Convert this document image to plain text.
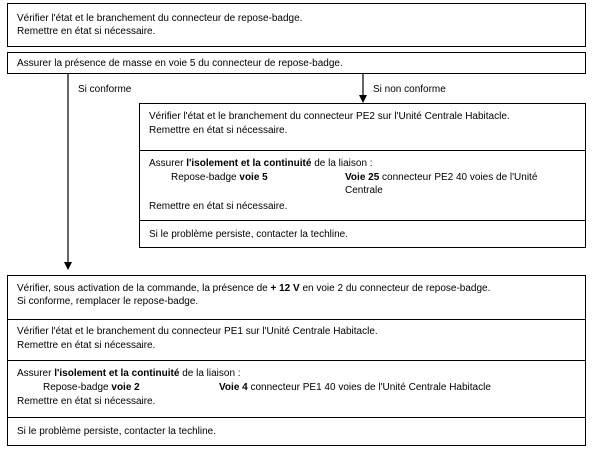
Vérifier l'état et le branchement du connecteur de repose-badge.
Remettre en état si nécessaire.
Assurer la présence de masse en voie 5 du connecteur de repose-badge.
Si conforme	Si non conforme
Vérifier l'état et le branchement du connecteur PE2 sur l'Unité Centrale Habitacle.
Remettre en état si nécessaire.
Assurer l'isolement et la continuité de la liaison :
Repose-badge voie 5	Voie 25 connecteur PE2 40 voies de l'Unité
Centrale
Remettre en état si nécessaire.
Si le problème persiste, contacter la techline.
Vérifier, sous activation de la commande, la présence de + 12 V en voie 2 du connecteur de repose-badge.
Si conforme, remplacer le repose-badge.
Vérifier l'état et le branchement du connecteur PE1 sur l'Unité Centrale Habitacle.
Remettre en état si nécessaire.
Assurer l'isolement et la continuité de la liaison :
Repose-badge voie 2	Voie 4 connecteur PE1 40 voies de l'Unité Centrale Habitacle
Remettre en état si nécessaire.
Si le problème persiste, contacter la techline.
